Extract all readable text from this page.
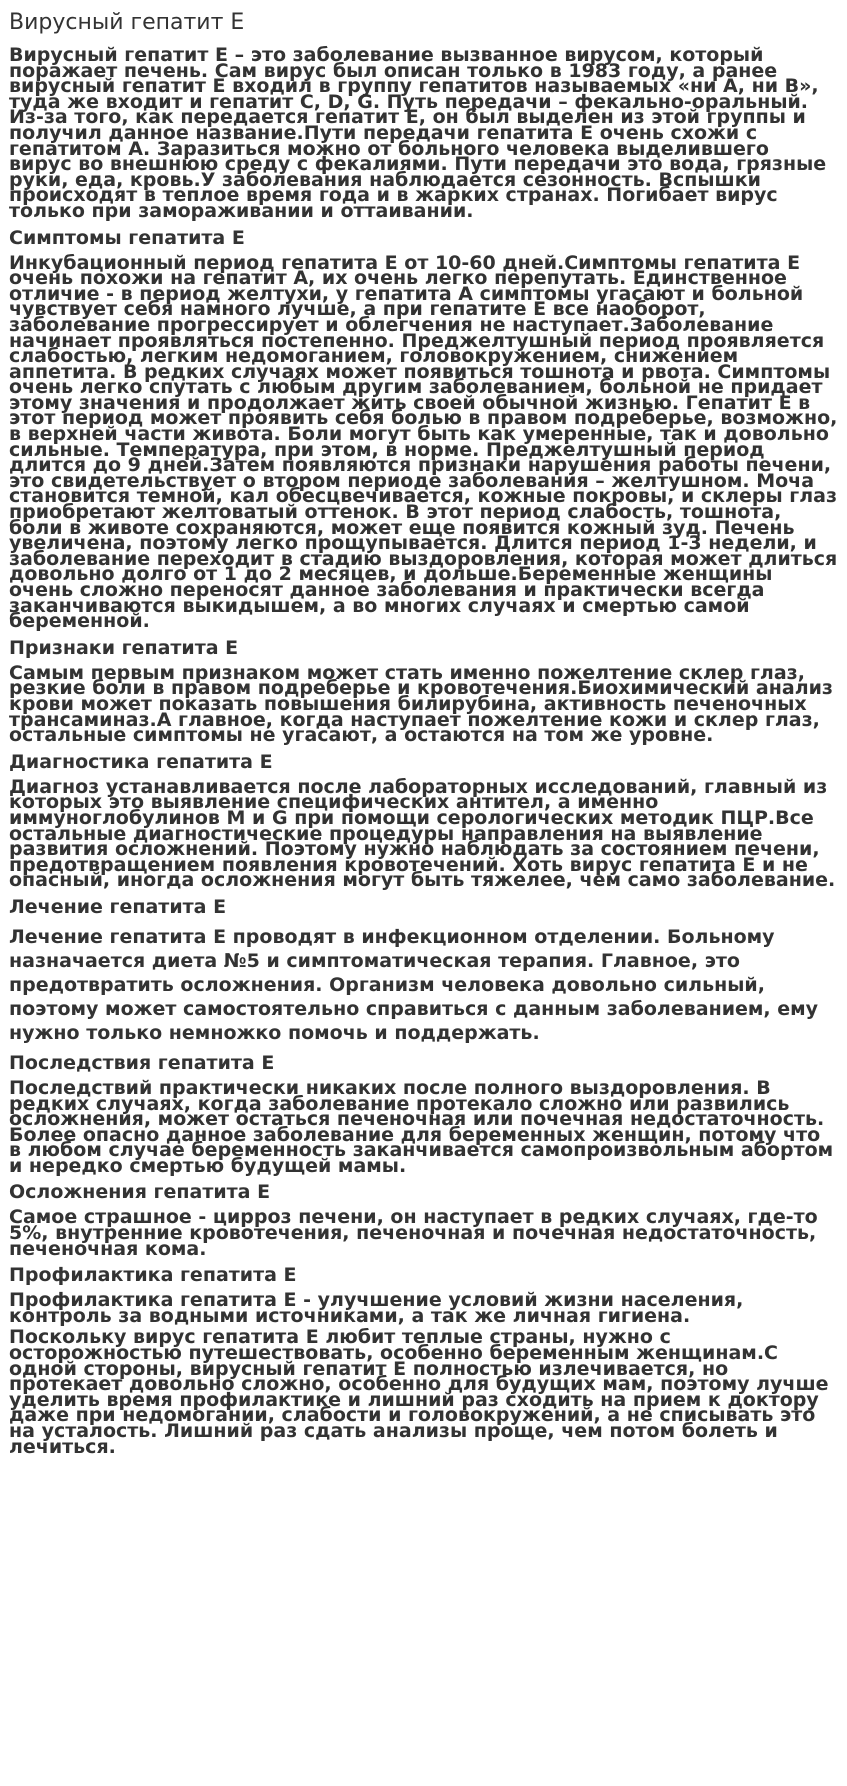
Вирусный гепатит Е

Вирусный гепатит Е – это заболевание вызванное вирусом, который поражает печень. Сам вирус был описан только в 1983 году, а ранее вирусный гепатит Е входил в группу гепатитов называемых «ни А, ни В», туда же входит и гепатит С, D, G. Путь передачи – фекально-оральный. Из-за того, как передается гепатит Е, он был выделен из этой группы и получил данное название.Пути передачи гепатита Е очень схожи с гепатитом А. Заразиться можно от больного человека выделившего вирус во внешнюю среду с фекалиями. Пути передачи это вода, грязные руки, еда, кровь.У заболевания наблюдается сезонность. Вспышки происходят в теплое время года и в жарких странах. Погибает вирус только при замораживании и оттаивании.

Симптомы гепатита Е

Инкубационный период гепатита Е от 10-60 дней.Симптомы гепатита Е очень похожи на гепатит А, их очень легко перепутать. Единственное отличие - в период желтухи, у гепатита А симптомы угасают и больной чувствует себя намного лучше, а при гепатите Е все наоборот, заболевание прогрессирует и облегчения не наступает.Заболевание начинает проявляться постепенно. Преджелтушный период проявляется слабостью, легким недомоганием, головокружением, снижением аппетита. В редких случаях может появиться тошнота и рвота. Симптомы очень легко спутать с любым другим заболеванием, больной не придает этому значения и продолжает жить своей обычной жизнью. Гепатит Е в этот период может проявить себя болью в правом подреберье, возможно, в верхней части живота. Боли могут быть как умеренные, так и довольно сильные. Температура, при этом, в норме. Преджелтушный период длится до 9 дней.Затем появляются признаки нарушения работы печени, это свидетельствует о втором периоде заболевания – желтушном. Моча становится темной, кал обесцвечивается, кожные покровы, и склеры глаз приобретают желтоватый оттенок. В этот период слабость, тошнота, боли в животе сохраняются, может еще появится кожный зуд. Печень увеличена, поэтому легко прощупывается. Длится период 1-3 недели, и заболевание переходит в стадию выздоровления, которая может длиться довольно долго от 1 до 2 месяцев, и дольше.Беременные женщины очень сложно переносят данное заболевания и практически всегда заканчиваются выкидышем, а во многих случаях и смертью самой беременной.

Признаки гепатита Е

Самым первым признаком может стать именно пожелтение склер глаз, резкие боли в правом подреберье и кровотечения.Биохимический анализ крови может показать повышения билирубина, активность печеночных трансаминаз.А главное, когда наступает пожелтение кожи и склер глаз, остальные симптомы не угасают, а остаются на том же уровне.

Диагностика гепатита Е

Диагноз устанавливается после лабораторных исследований, главный из которых это выявление специфических антител, а именно иммуноглобулинов M и G при помощи серологических методик ПЦР.Все остальные диагностические процедуры направления на выявление развития осложнений. Поэтому нужно наблюдать за состоянием печени, предотвращением появления кровотечений. Хоть вирус гепатита Е и не опасный, иногда осложнения могут быть тяжелее, чем само заболевание.

Лечение гепатита Е

Лечение гепатита Е проводят в инфекционном отделении. Больному назначается диета №5 и симптоматическая терапия. Главное, это предотвратить осложнения. Организм человека довольно сильный, поэтому может самостоятельно справиться с данным заболеванием, ему нужно только немножко помочь и поддержать.

Последствия гепатита Е

Последствий практически никаких после полного выздоровления. В редких случаях, когда заболевание протекало сложно или развились осложнения, может остаться печеночная или почечная недостаточность. Более опасно данное заболевание для беременных женщин, потому что в любом случае беременность заканчивается самопроизвольным абортом и нередко смертью будущей мамы.

Осложнения гепатита Е

Самое страшное - цирроз печени, он наступает в редких случаях, где-то 5%, внутренние кровотечения, печеночная и почечная недостаточность, печеночная кома.

Профилактика гепатита Е

Профилактика гепатита Е - улучшение условий жизни населения, контроль за водными источниками, а так же личная гигиена.

Поскольку вирус гепатита Е любит теплые страны, нужно с осторожностью путешествовать, особенно беременным женщинам.С одной стороны, вирусный гепатит Е полностью излечивается, но протекает довольно сложно, особенно для будущих мам, поэтому лучше уделить время профилактике и лишний раз сходить на прием к доктору даже при недомогании, слабости и головокружений, а не списывать это на усталость. Лишний раз сдать анализы проще, чем потом болеть и лечиться.
